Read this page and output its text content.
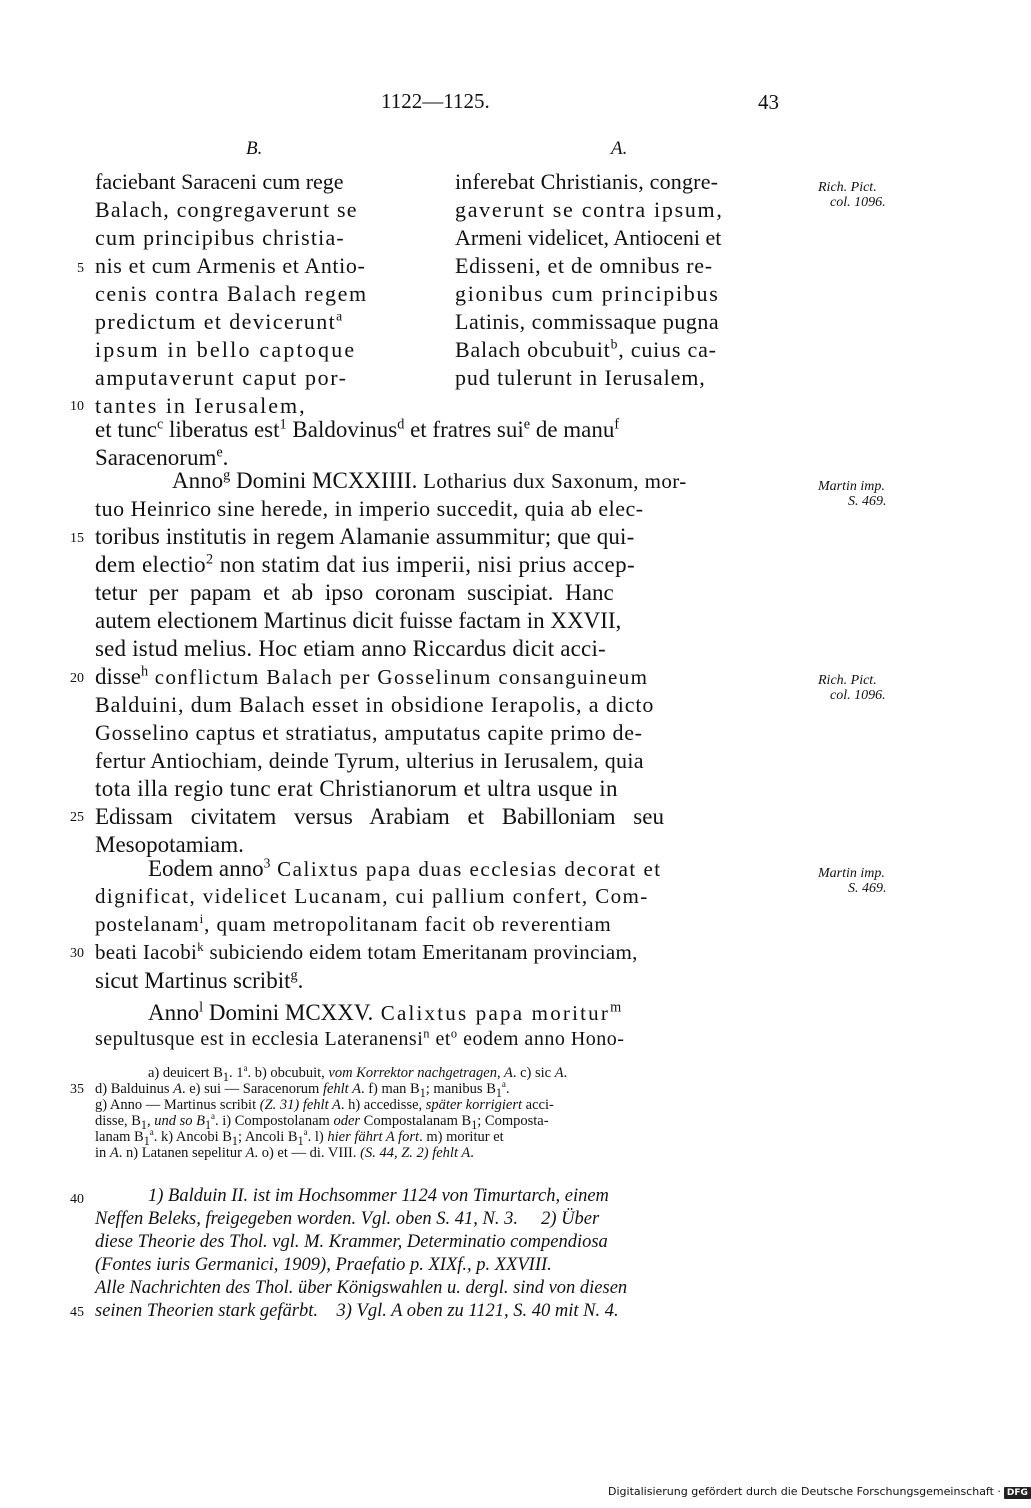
1122—1125.	43
B.	A.
faciebant Saraceni cum rege
Balach, congregaverunt se
cum principibus christia-
nis et cum Armenis et Antio-
cenis contra Balach regem
predictum et devicerunt$^a$
ipsum in bello captoque
amputaverunt caput por-
tantes in Ierusalem,
inferebat Christianis, congre-
gaverunt se contra ipsum,
Armeni videlicet, Antioceni et
Edisseni, et de omnibus re-
gionibus cum principibus
Latinis, commissaque pugna
Balach obcubuit$^b$, cuius ca-
pud tulerunt in Ierusalem,
et tunc$^c$ liberatus est$^1$ Baldovinus$^d$ et fratres sui$^e$ de manu$^f$
Saracenorum$^e$.
Anno$^g$ Domini MCXXIIII. Lotharius dux Saxonum, mor-
tuo Heinrico sine herede, in imperio succedit, quia ab elec-
toribus institutis in regem Alamanie assummitur; que qui-
dem electio$^2$ non statim dat ius imperii, nisi prius accep-
tetur per papam et ab ipso coronam suscipiat. Hanc
autem electionem Martinus dicit fuisse factam in XXVII,
sed istud melius. Hoc etiam anno Riccardus dicit acci-
disse$^h$ conflictum Balach per Gosselinum consanguineum
Balduini, dum Balach esset in obsidione Ierapolis, a dicto
Gosselino captus et stratiatus, amputatus capite primo de-
fertur Antiochiam, deinde Tyrum, ulterius in Ierusalem, quia
tota illa regio tunc erat Christianorum et ultra usque in
Edissam civitatem versus Arabiam et Babilloniam seu
Mesopotamiam.
Eodem anno$^3$ Calixtus papa duas ecclesias decorat et
dignificat, videlicet Lucanam, cui pallium confert, Com-
postelanam$^i$, quam metropolitanam facit ob reverentiam
beati Iacobi$^k$ subiciendo eidem totam Emeritanam provinciam,
sicut Martinus scribit$^g$.
Anno$^l$ Domini MCXXV. Calixtus papa moritur$^m$
sepultusque est in ecclesia Lateranensi$^n$ $et^o$ eodem anno Hono-
5
10
15
20
25
30
35
40
45
Rich. Pict.
col. 1096.
Martin imp.
S. 469.
Rich. Pict.
col. 1096.
Martin imp.
S. 469.
a) deuicert $B_1$. 1$^a$. b) obcubuit, vom Korrektor nachgetragen, A. c) sic A.
d) Balduinus A. e) sui — Saracenorum fehlt A. f) man $B_1$; manibus $B_1^a$.
g) Anno — Martinus scribit (Z. 31) fehlt A. h) accedisse, später korrigiert acci-
disse, $B_1$, und so $B_1^a$. i) Compostolanam oder Compostalanam $B_1$; Composta-
lanam $B_1^a$. k) Ancobi $B_1$; Ancoli $B_1^a$. l) hier fährt A fort. m) moritur et
in A. n) Latanen sepelitur A. o) et — di. VIII. (S. 44, Z. 2) fehlt A.
1) Balduin II. ist im Hochsommer 1124 von Timurtarch, einem
Neffen Beleks, freigegeben worden. Vgl. oben S. 41, N. 3. 2) Über
diese Theorie des Thol. vgl. M. Krammer, Determinatio compendiosa
(Fontes iuris Germanici, 1909), Praefatio p. XIXf., p. XXVIII.
Alle Nachrichten des Thol. über Königswahlen u. dergl. sind von diesen
seinen Theorien stark gefärbt. 3) Vgl. A oben zu 1121, S. 40 mit N. 4.
Digitalisierung gefördert durch die Deutsche Forschungsgemeinschaft · DFG
